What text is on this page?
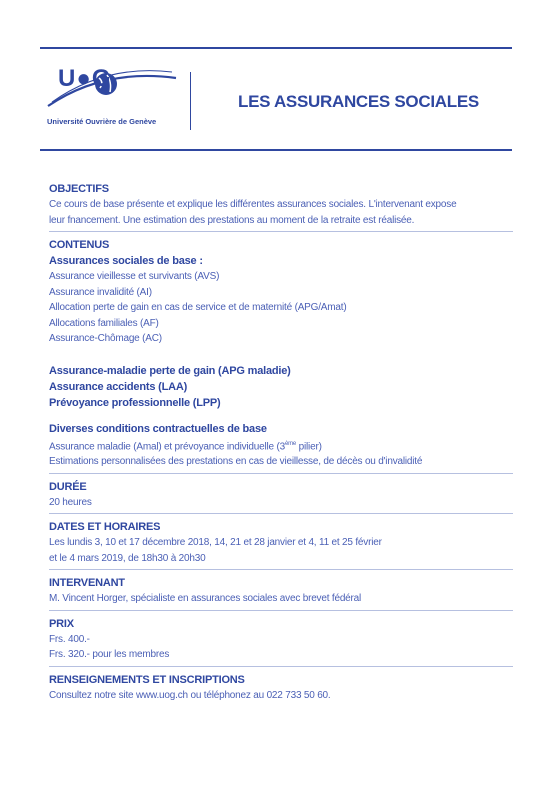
U●G
Université Ouvrière de Genève
LES ASSURANCES SOCIALES
OBJECTIFS
Ce cours de base présente et explique les différentes assurances sociales. L'intervenant expose
leur fnancement. Une estimation des prestations au moment de la retraite est réalisée.
CONTENUS
Assurances sociales de base :
Assurance vieillesse et survivants (AVS)
Assurance invalidité (AI)
Allocation perte de gain en cas de service et de maternité (APG/Amat)
Allocations familiales (AF)
Assurance-Chômage (AC)
Assurance-maladie perte de gain (APG maladie)
Assurance accidents (LAA)
Prévoyance professionnelle (LPP)
Diverses conditions contractuelles de base
Assurance maladie (Amal) et prévoyance individuelle (3ème pilier)
Estimations personnalisées des prestations en cas de vieillesse, de décès ou d'invalidité
DURÉE
20 heures
DATES ET HORAIRES
Les lundis 3, 10 et 17 décembre 2018, 14, 21 et 28 janvier et 4, 11 et 25 février
et le 4 mars 2019, de 18h30 à 20h30
INTERVENANT
M. Vincent Horger, spécialiste en assurances sociales avec brevet fédéral
PRIX
Frs. 400.-
Frs. 320.- pour les membres
RENSEIGNEMENTS ET INSCRIPTIONS
Consultez notre site www.uog.ch ou téléphonez au 022 733 50 60.
